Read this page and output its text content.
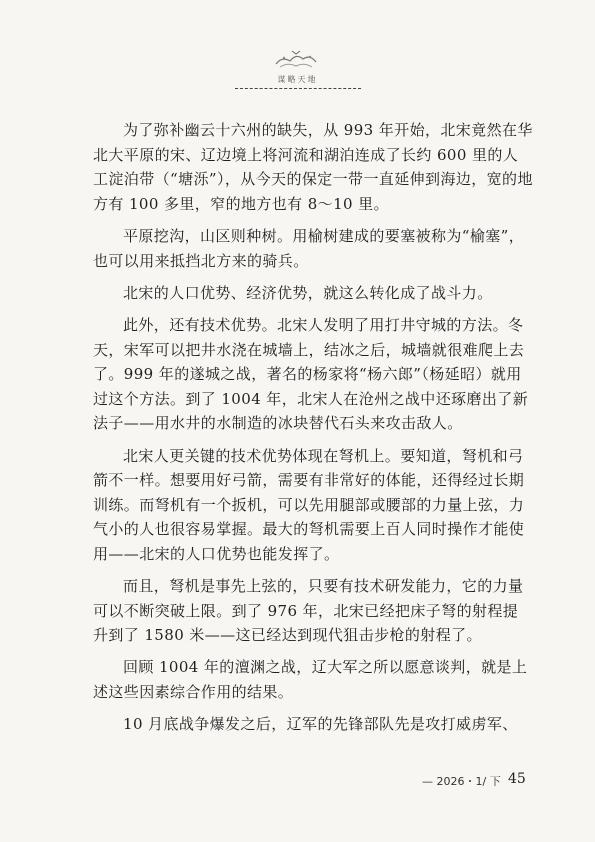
谋略天地

为了弥补幽云十六州的缺失，从 993 年开始，北宋竟然在华北大平原的宋、辽边境上将河流和湖泊连成了长约 600 里的人工淀泊带（“塘泺”），从今天的保定一带一直延伸到海边，宽的地方有 100 多里，窄的地方也有 8～10 里。

平原挖沟，山区则种树。用榆树建成的要塞被称为“榆塞”，也可以用来抵挡北方来的骑兵。

北宋的人口优势、经济优势，就这么转化成了战斗力。

此外，还有技术优势。北宋人发明了用打井守城的方法。冬天，宋军可以把井水浇在城墙上，结冰之后，城墙就很难爬上去了。999 年的遂城之战，著名的杨家将“杨六郎”（杨延昭）就用过这个方法。到了 1004 年，北宋人在沧州之战中还琢磨出了新法子——用水井的水制造的冰块替代石头来攻击敌人。

北宋人更关键的技术优势体现在弩机上。要知道，弩机和弓箭不一样。想要用好弓箭，需要有非常好的体能，还得经过长期训练。而弩机有一个扳机，可以先用腿部或腰部的力量上弦，力气小的人也很容易掌握。最大的弩机需要上百人同时操作才能使用——北宋的人口优势也能发挥了。

而且，弩机是事先上弦的，只要有技术研发能力，它的力量可以不断突破上限。到了 976 年，北宋已经把床子弩的射程提升到了 1580 米——这已经达到现代狙击步枪的射程了。

回顾 1004 年的澶渊之战，辽大军之所以愿意谈判，就是上述这些因素综合作用的结果。

10 月底战争爆发之后，辽军的先锋部队先是攻打威虏军、

— 2026・1/ 下 45
